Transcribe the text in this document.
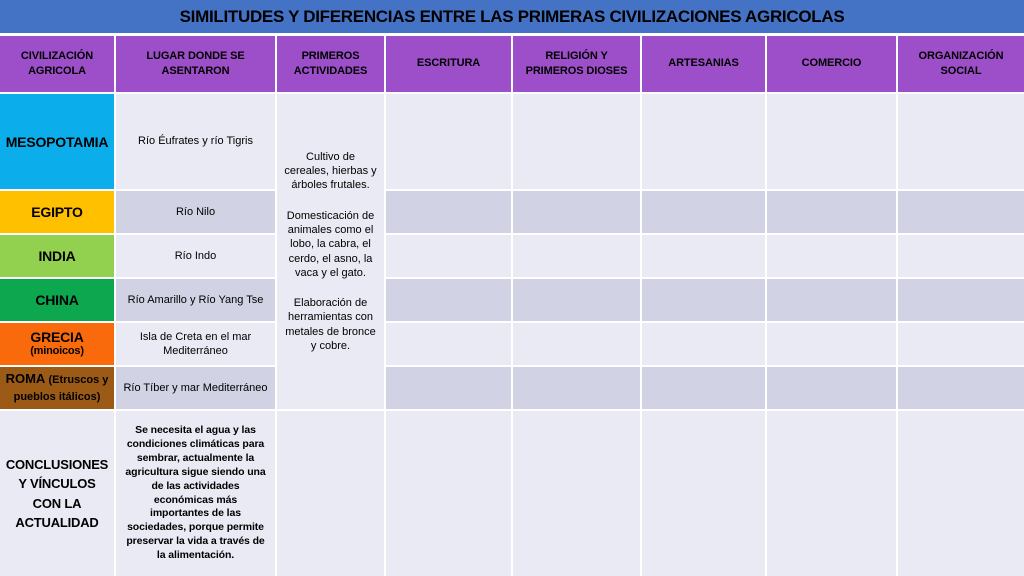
SIMILITUDES Y DIFERENCIAS ENTRE LAS PRIMERAS CIVILIZACIONES AGRICOLAS
CIVILIZACIÓN AGRICOLA
LUGAR DONDE SE ASENTARON
PRIMEROS ACTIVIDADES
ESCRITURA
RELIGIÓN Y PRIMEROS DIOSES
ARTESANIAS	COMERCIO
ORGANIZACIÓN SOCIAL
MESOPOTAMIA
EGIPTO
INDIA
CHINA
GRECIA
(minoicos)
ROMA (Etruscos y pueblos itálicos)
Río Éufrates y río Tigris
Río Nilo
Río Indo
Río Amarillo y Río Yang Tse
Isla de Creta en el mar Mediterráneo
Río Tíber y mar Mediterráneo
Cultivo de cereales, hierbas y árboles frutales.
Domesticación de animales como el lobo, la cabra, el cerdo, el asno, la vaca y el gato.
Elaboración de herramientas con metales de bronce y cobre.
CONCLUSIONES Y VÍNCULOS CON LA ACTUALIDAD
Se necesita el agua y las condiciones climáticas para sembrar, actualmente la agricultura sigue siendo una de las actividades económicas más importantes de las sociedades, porque permite preservar la vida a través de la alimentación.
